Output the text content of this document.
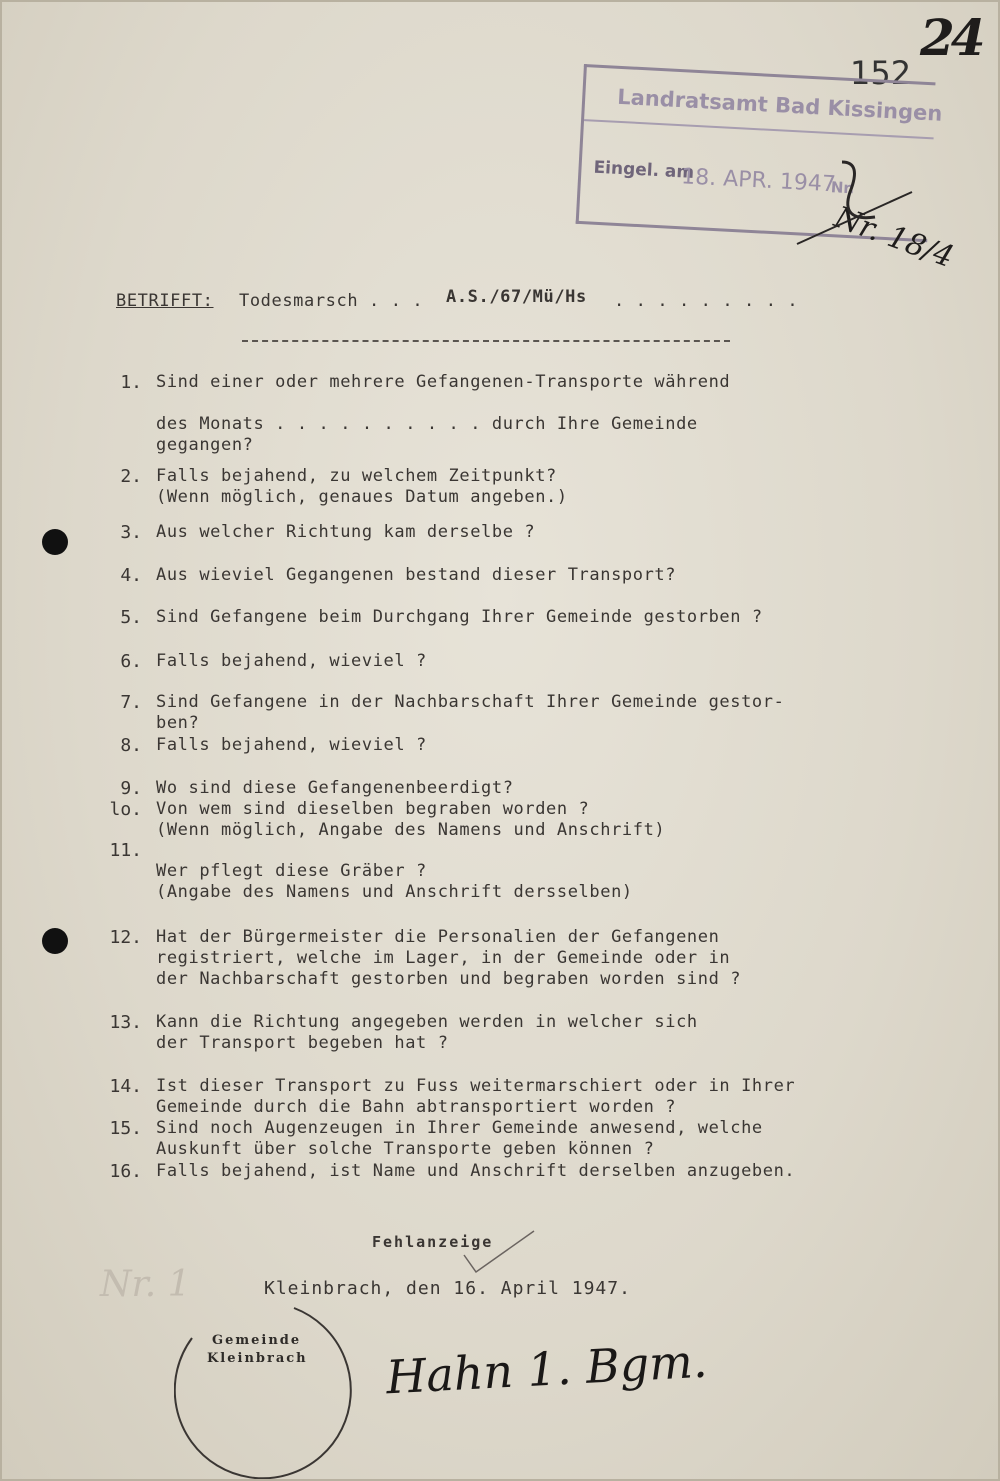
152
24
Landratsamt Bad Kissingen
Eingel. am
18. APR. 1947
Nr.
Nr. 18/4
BETRIFFT: Todesmarsch . . . A.S./67/Mü/Hs . . . . . . . . .
1. Sind einer oder mehrere Gefangenen-Transporte während
des Monats . . . . . . . . . . durch Ihre Gemeinde
gegangen?
2. Falls bejahend, zu welchem Zeitpunkt?
(Wenn möglich, genaues Datum angeben.)
3. Aus welcher Richtung kam derselbe ?
4. Aus wieviel Gegangenen bestand dieser Transport?
5. Sind Gefangene beim Durchgang Ihrer Gemeinde gestorben ?
6. Falls bejahend, wieviel ?
7. Sind Gefangene in der Nachbarschaft Ihrer Gemeinde gestor-
ben?
8. Falls bejahend, wieviel ?
9. Wo sind diese Gefangenenbeerdigt?
lo. Von wem sind dieselben begraben worden ?
(Wenn möglich, Angabe des Namens und Anschrift)
11.
Wer pflegt diese Gräber ?
(Angabe des Namens und Anschrift dersselben)
12. Hat der Bürgermeister die Personalien der Gefangenen
registriert, welche im Lager, in der Gemeinde oder in
der Nachbarschaft gestorben und begraben worden sind ?
13. Kann die Richtung angegeben werden in welcher sich
der Transport begeben hat ?
14. Ist dieser Transport zu Fuss weitermarschiert oder in Ihrer
Gemeinde durch die Bahn abtransportiert worden ?
15. Sind noch Augenzeugen in Ihrer Gemeinde anwesend, welche
Auskunft über solche Transporte geben können ?
16. Falls bejahend, ist Name und Anschrift derselben anzugeben.
Fehlanzeige
Kleinbrach, den 16. April 1947.
Nr. 1
Gemeinde
Kleinbrach Hahn 1. Bgm.
